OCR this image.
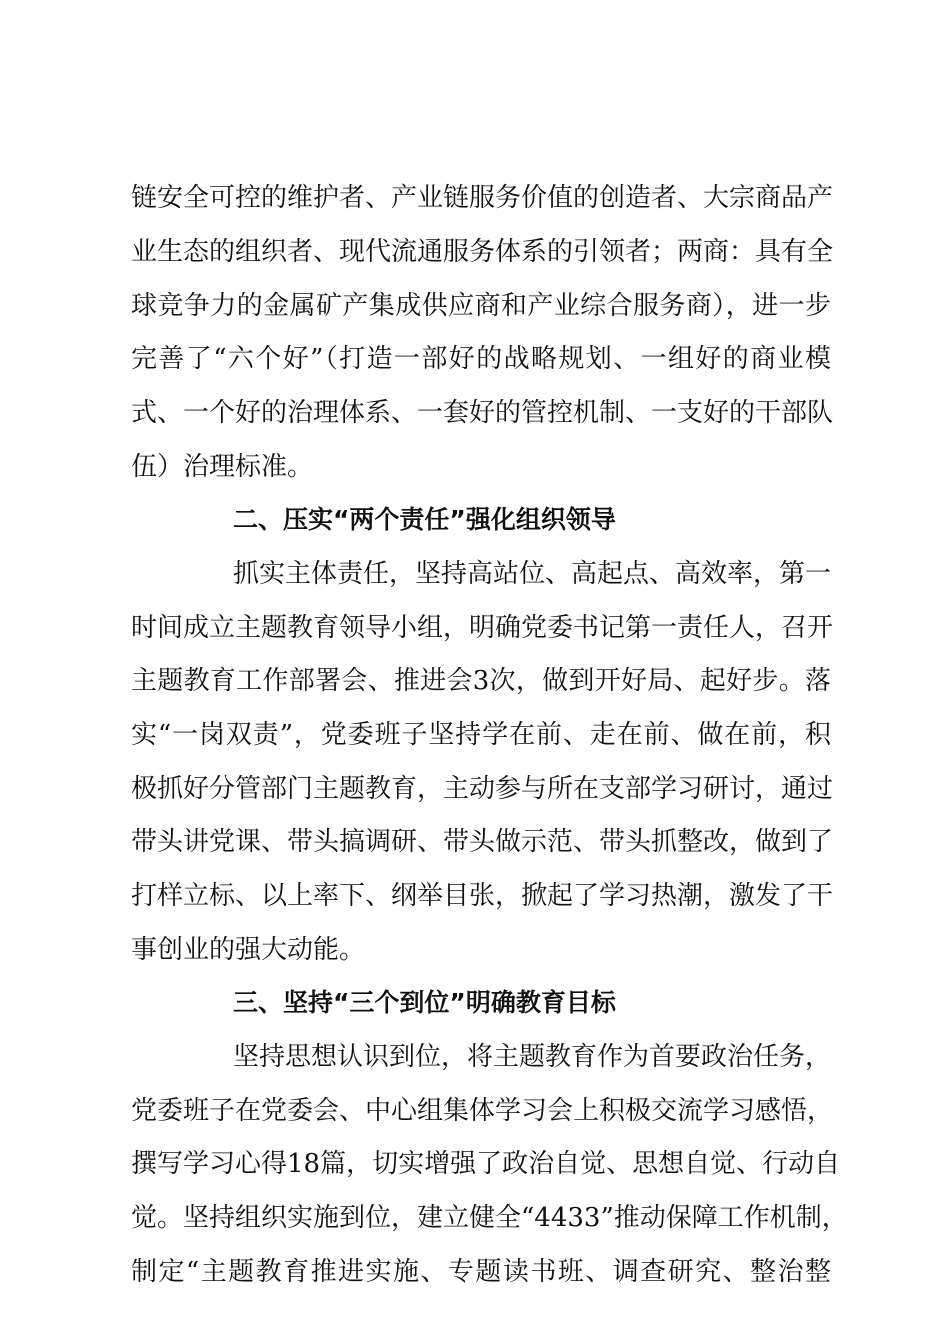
链安全可控的维护者、产业链服务价值的创造者、大宗商品产
业生态的组织者、现代流通服务体系的引领者；两商：具有全
球竞争力的金属矿产集成供应商和产业综合服务商），进一步
完善了“六个好”（打造一部好的战略规划、一组好的商业模
式、一个好的治理体系、一套好的管控机制、一支好的干部队
伍）治理标准。
二、压实“两个责任”强化组织领导
抓实主体责任，坚持高站位、高起点、高效率，第一
时间成立主题教育领导小组，明确党委书记第一责任人，召开
主题教育工作部署会、推进会3次，做到开好局、起好步。落
实“一岗双责”，党委班子坚持学在前、走在前、做在前，积
极抓好分管部门主题教育，主动参与所在支部学习研讨，通过
带头讲党课、带头搞调研、带头做示范、带头抓整改，做到了
打样立标、以上率下、纲举目张，掀起了学习热潮，激发了干
事创业的强大动能。
三、坚持“三个到位”明确教育目标
坚持思想认识到位，将主题教育作为首要政治任务，
党委班子在党委会、中心组集体学习会上积极交流学习感悟，
撰写学习心得18篇，切实增强了政治自觉、思想自觉、行动自
觉。坚持组织实施到位，建立健全“4433”推动保障工作机制，
制定“主题教育推进实施、专题读书班、调查研究、整治整
